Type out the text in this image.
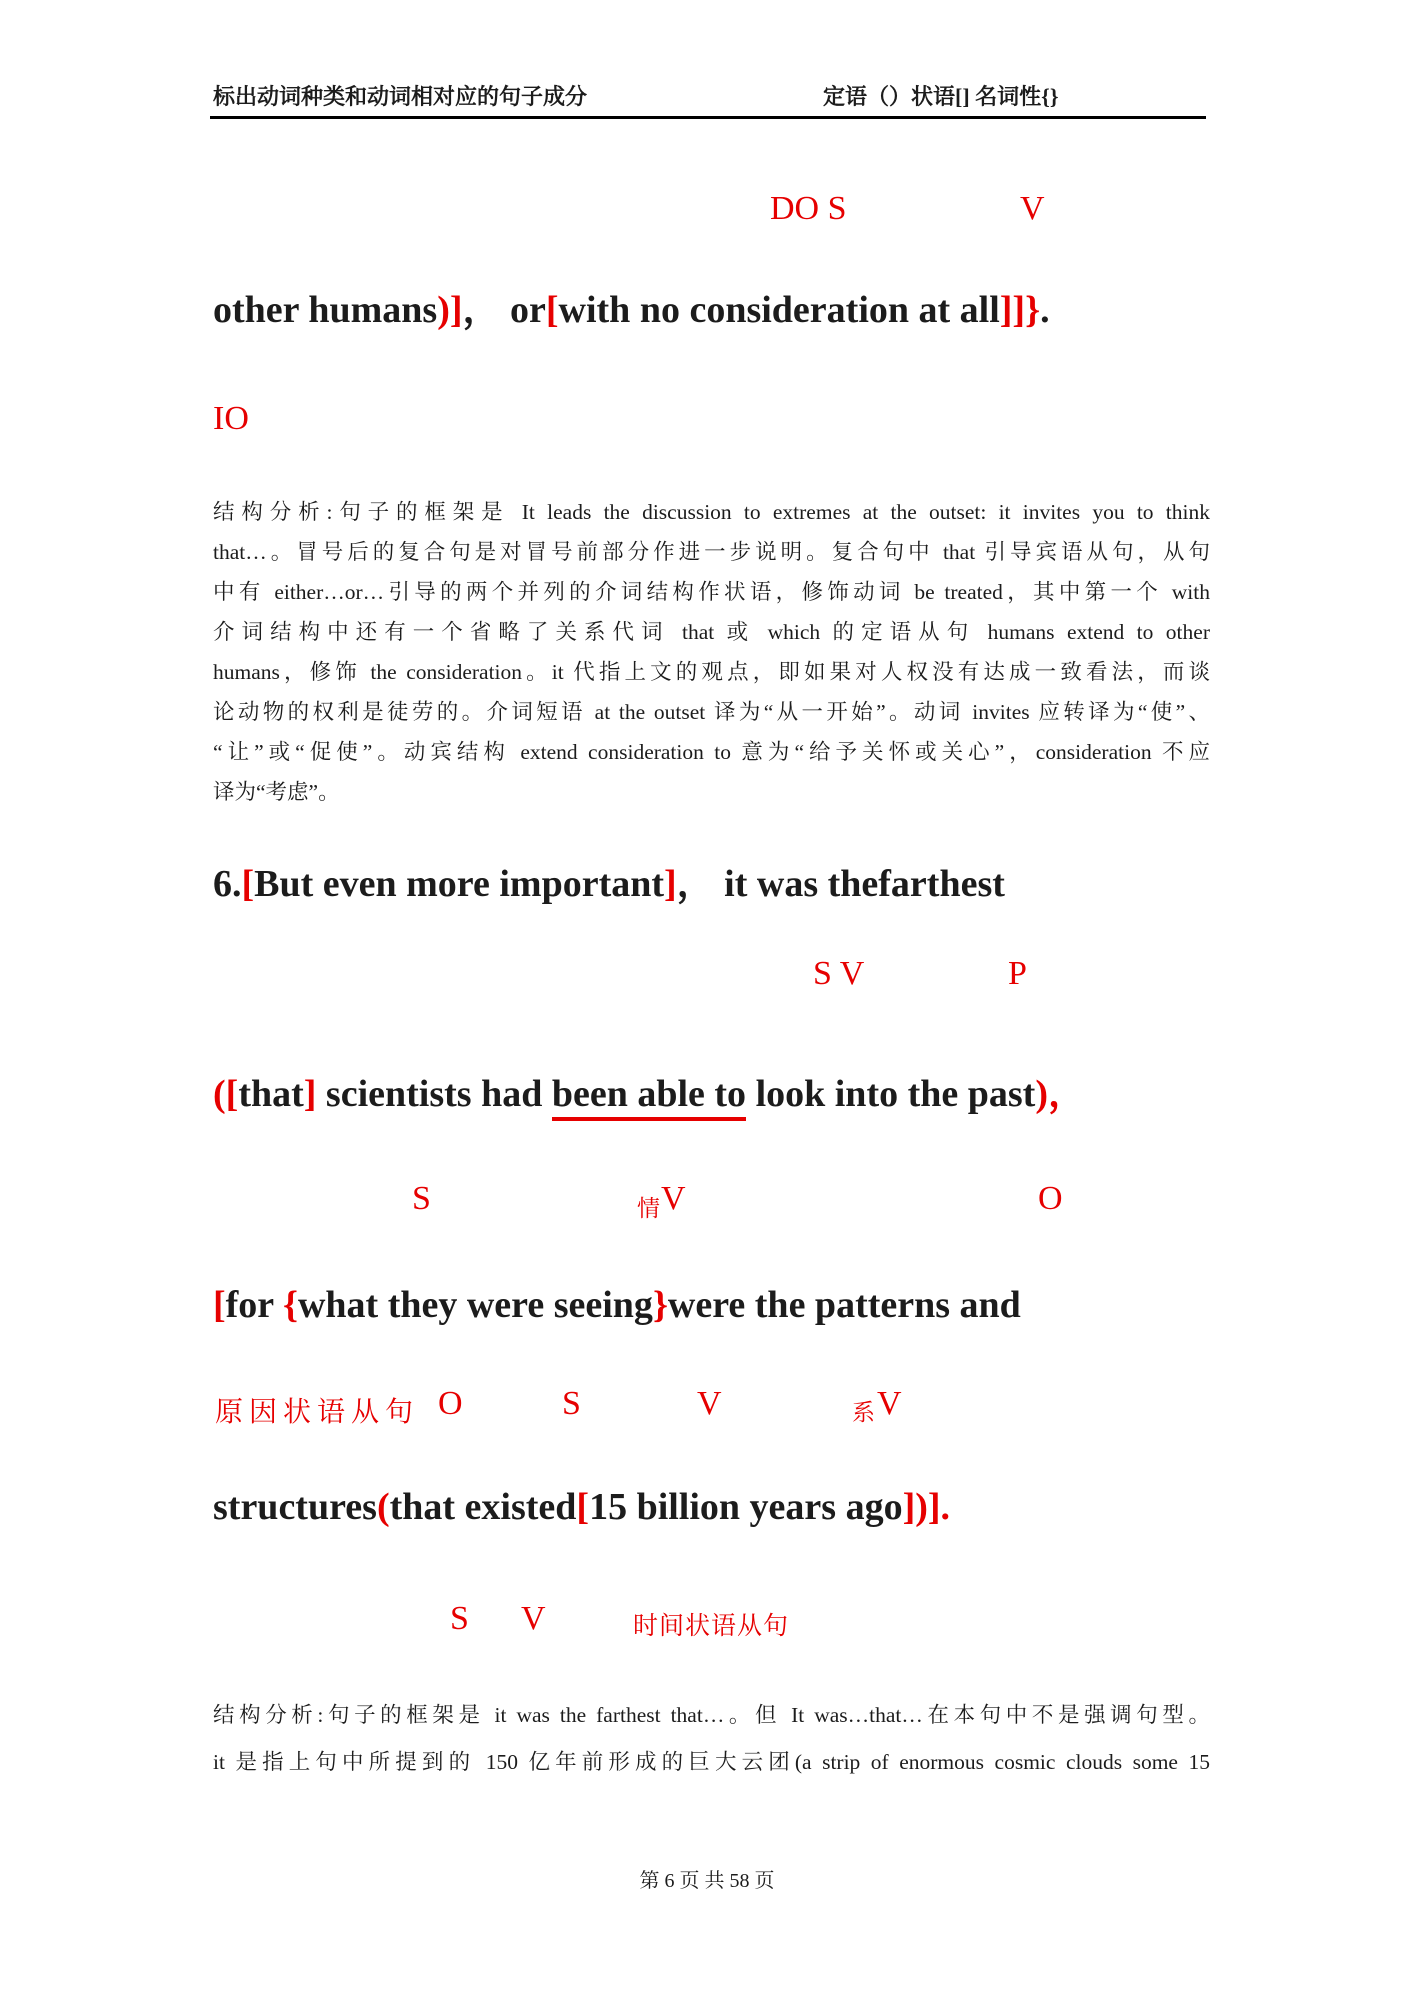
标出动词种类和动词相对应的句子成分	定语（）状语[] 名词性{}
DO S	V
other humans)]， or[with no consideration at all]]}.
IO
结构分析:句子的框架是 It leads the discussion to extremes at the outset: it invites you to think
that…。冒号后的复合句是对冒号前部分作进一步说明。复合句中 that 引导宾语从句，从句
中有 either…or…引导的两个并列的介词结构作状语，修饰动词 be treated，其中第一个 with
介词结构中还有一个省略了关系代词 that 或 which 的定语从句 humans extend to other
humans，修饰 the consideration。it 代指上文的观点，即如果对人权没有达成一致看法，而谈
论动物的权利是徒劳的。介词短语 at the outset 译为“从一开始”。动词 invites 应转译为“使”、
“让”或“促使”。动宾结构 extend consideration to 意为“给予关怀或关心”，consideration 不应
译为“考虑”。
6.[But even more important]， it was thefarthest
S V	P
([that] scientists had been able to look into the past)，
S	情 V	O
[for {what they were seeing}were the patterns and
原因状语从句 O	S	V	系 V
structures(that existed[15 billion years ago])].
S V	时间状语从句
结构分析:句子的框架是 it was the farthest that…。但 It was…that…在本句中不是强调句型。
it 是指上句中所提到的 150 亿年前形成的巨大云团(a strip of enormous cosmic clouds some 15
第 6 页 共 58 页
